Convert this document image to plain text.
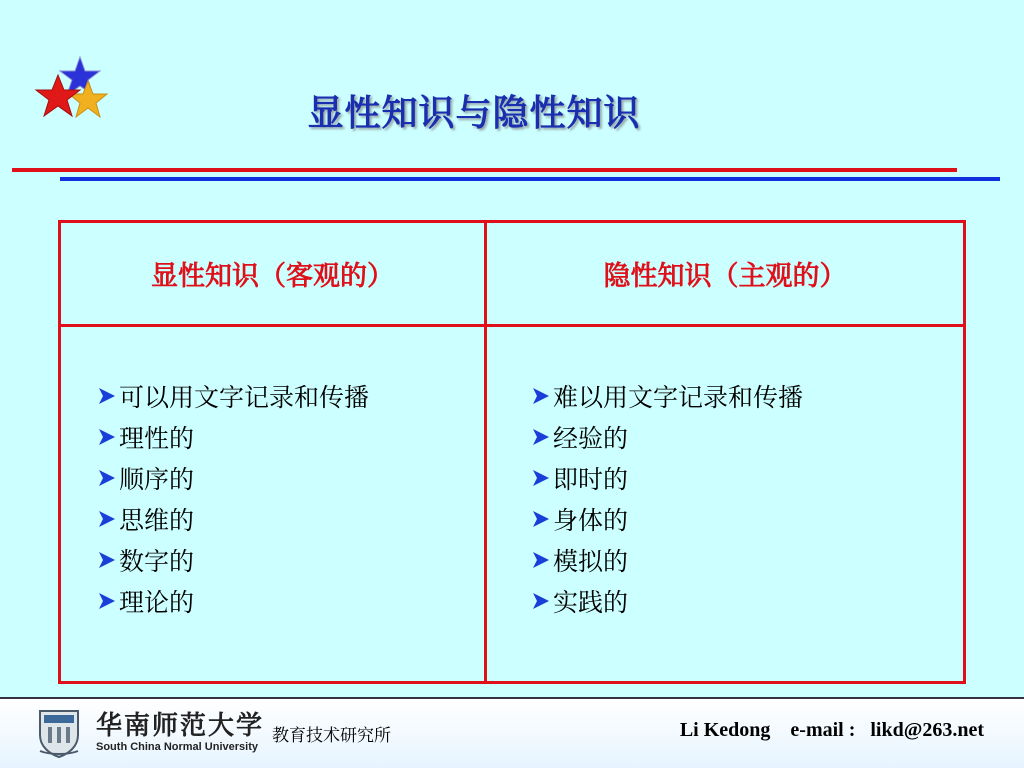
显性知识与隐性知识
显性知识（客观的）	隐性知识（主观的）
可以用文字记录和传播
理性的
顺序的
思维的
数字的
理论的
难以用文字记录和传播
经验的
即时的
身体的
模拟的
实践的
华南师范大学
South China Normal University
教育技术研究所	Li Kedong    e-mail :   likd@263.net
